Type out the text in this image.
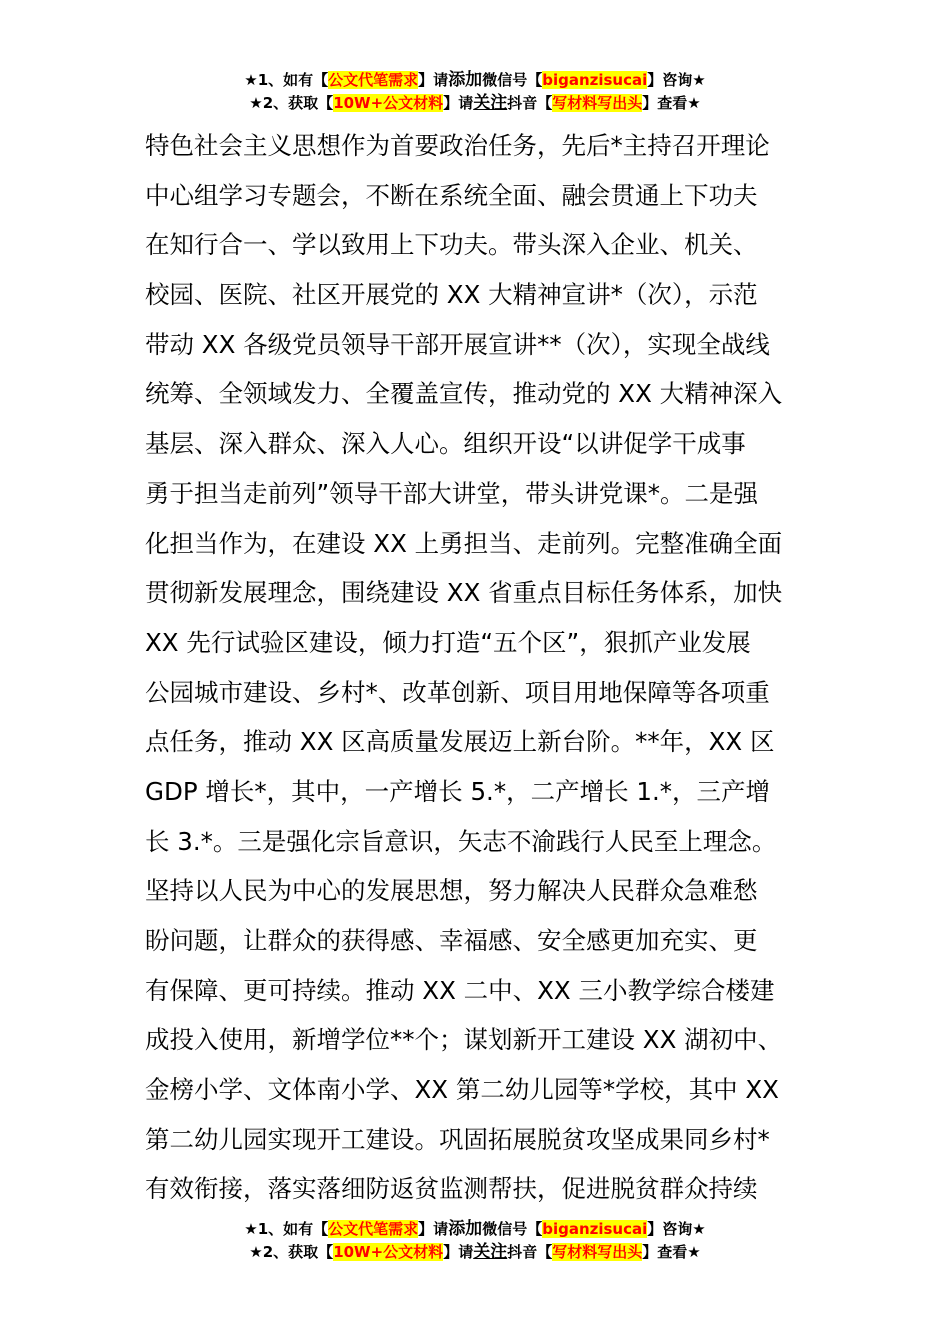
★1、如有【公文代笔需求】请添加微信号【biganzisucai】咨询★
★2、获取【10W+公文材料】请关注抖音【写材料写出头】查看★
特色社会主义思想作为首要政治任务，先后*主持召开理论
中心组学习专题会，不断在系统全面、融会贯通上下功夫
在知行合一、学以致用上下功夫。带头深入企业、机关、
校园、医院、社区开展党的 XX 大精神宣讲*（次），示范
带动 XX 各级党员领导干部开展宣讲**（次），实现全战线
统筹、全领域发力、全覆盖宣传，推动党的 XX 大精神深入
基层、深入群众、深入人心。组织开设“以讲促学干成事
勇于担当走前列”领导干部大讲堂，带头讲党课*。二是强
化担当作为，在建设 XX 上勇担当、走前列。完整准确全面
贯彻新发展理念，围绕建设 XX 省重点目标任务体系，加快
XX 先行试验区建设，倾力打造“五个区”，狠抓产业发展
公园城市建设、乡村*、改革创新、项目用地保障等各项重
点任务，推动 XX 区高质量发展迈上新台阶。**年，XX 区
GDP 增长*，其中，一产增长 5.*，二产增长 1.*，三产增
长 3.*。三是强化宗旨意识，矢志不渝践行人民至上理念。
坚持以人民为中心的发展思想，努力解决人民群众急难愁
盼问题，让群众的获得感、幸福感、安全感更加充实、更
有保障、更可持续。推动 XX 二中、XX 三小教学综合楼建
成投入使用，新增学位**个；谋划新开工建设 XX 湖初中、
金榜小学、文体南小学、XX 第二幼儿园等*学校，其中 XX
第二幼儿园实现开工建设。巩固拓展脱贫攻坚成果同乡村*
有效衔接，落实落细防返贫监测帮扶，促进脱贫群众持续
★1、如有【公文代笔需求】请添加微信号【biganzisucai】咨询★
★2、获取【10W+公文材料】请关注抖音【写材料写出头】查看★
